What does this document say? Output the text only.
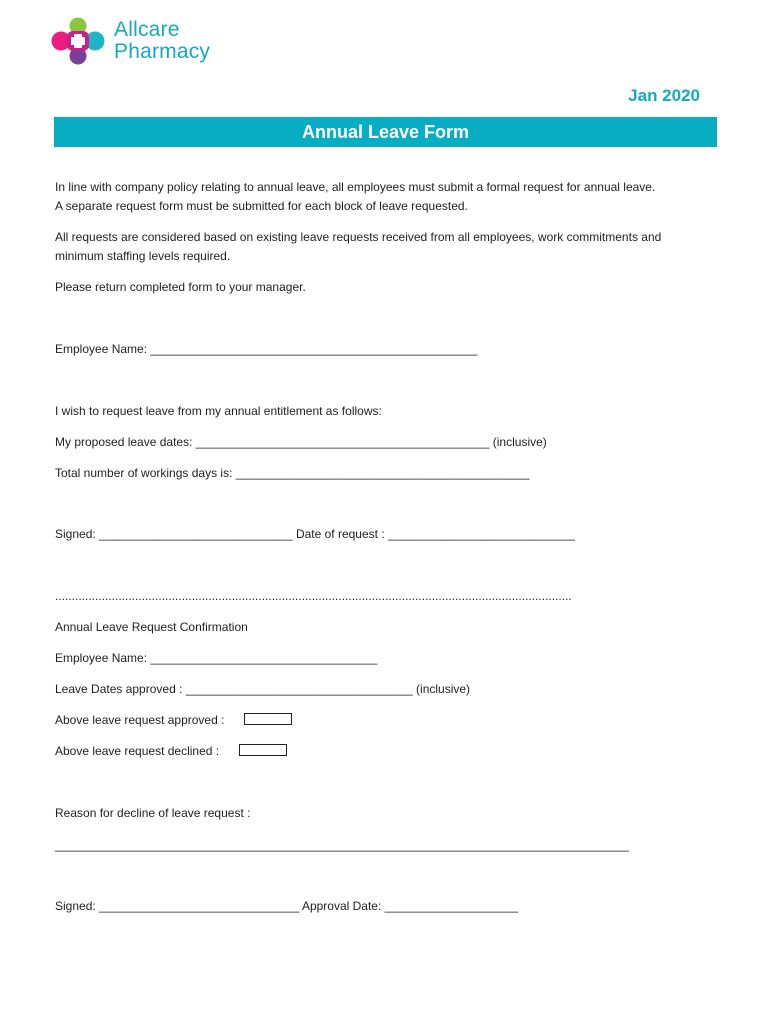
Allcare
Pharmacy
Jan 2020
Annual Leave Form
In line with company policy relating to annual leave, all employees must submit a formal request for annual leave.
A separate request form must be submitted for each block of leave requested.
All requests are considered based on existing leave requests received from all employees, work commitments and
minimum staffing levels required.
Please return completed form to your manager.
Employee Name: _________________________________________________
I wish to request leave from my annual entitlement as follows:
My proposed leave dates: ____________________________________________ (inclusive)
Total number of workings days is: ____________________________________________
Signed: _____________________________ Date of request : ____________________________
...........................................................................................................................................................
Annual Leave Request Confirmation
Employee Name: __________________________________
Leave Dates approved : __________________________________ (inclusive)
Above leave request approved :
Above leave request declined :
Reason for decline of leave request :
______________________________________________________________________________________
Signed: ______________________________ Approval Date: ____________________
